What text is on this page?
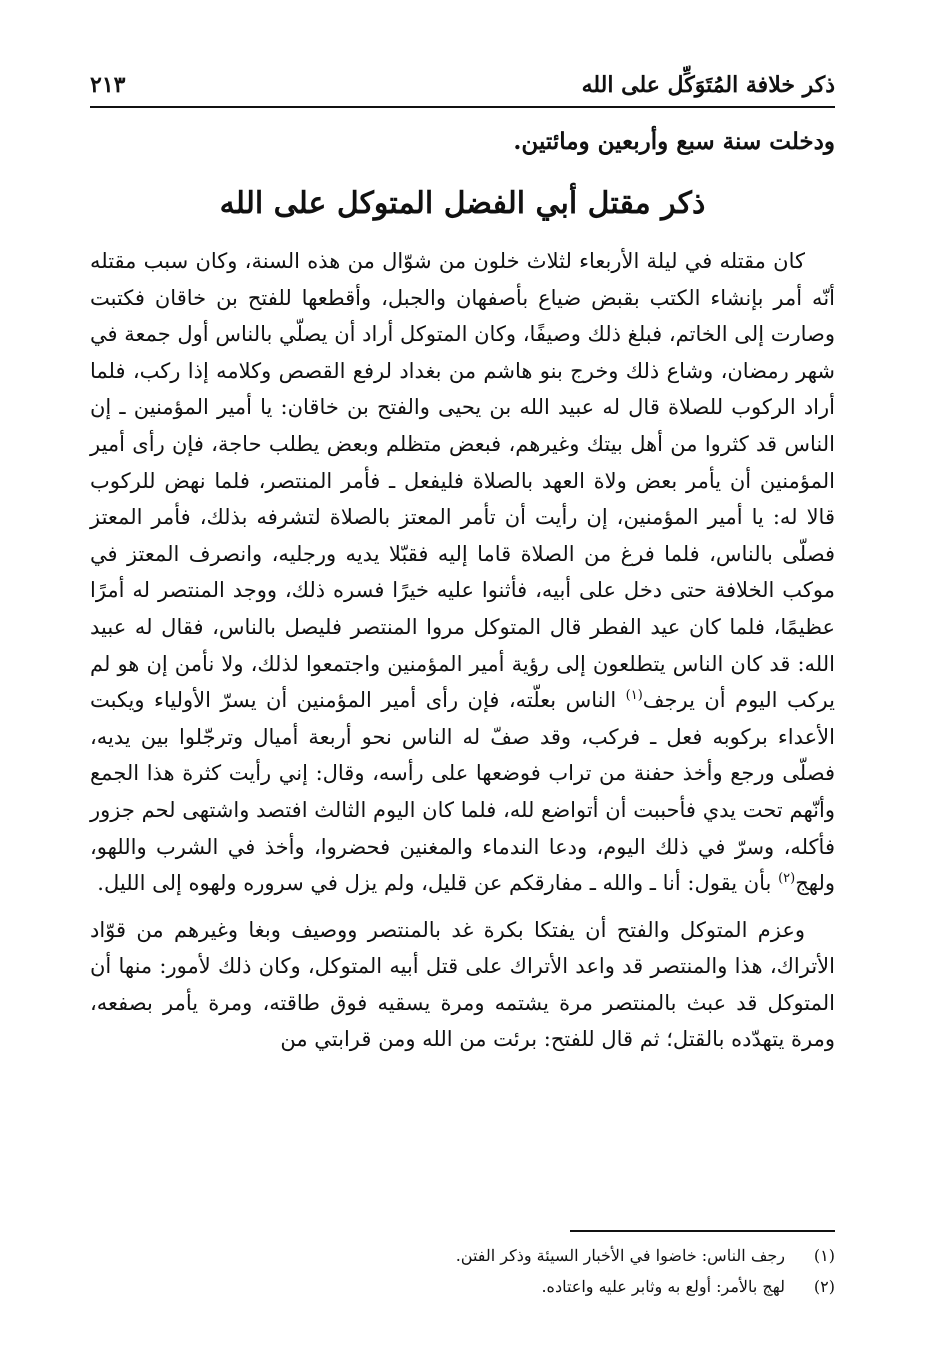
ذكر خلافة المُتَوَكِّل على الله
٢١٣
ودخلت سنة سبع وأربعين ومائتين.
ذكر مقتل أبي الفضل المتوكل على الله

كان مقتله في ليلة الأربعاء لثلاث خلون من شوّال من هذه السنة، وكان سبب مقتله أنّه أمر بإنشاء الكتب بقبض ضياع بأصفهان والجبل، وأقطعها للفتح بن خاقان فكتبت وصارت إلى الخاتم، فبلغ ذلك وصيفًا، وكان المتوكل أراد أن يصلّي بالناس أول جمعة في شهر رمضان، وشاع ذلك وخرج بنو هاشم من بغداد لرفع القصص وكلامه إذا ركب، فلما أراد الركوب للصلاة قال له عبيد الله بن يحيى والفتح بن خاقان: يا أمير المؤمنين ـ إن الناس قد كثروا من أهل بيتك وغيرهم، فبعض متظلم وبعض يطلب حاجة، فإن رأى أمير المؤمنين أن يأمر بعض ولاة العهد بالصلاة فليفعل ـ فأمر المنتصر، فلما نهض للركوب قالا له: يا أمير المؤمنين، إن رأيت أن تأمر المعتز بالصلاة لتشرفه بذلك، فأمر المعتز فصلّى بالناس، فلما فرغ من الصلاة قاما إليه فقبّلا يديه ورجليه، وانصرف المعتز في موكب الخلافة حتى دخل على أبيه، فأثنوا عليه خيرًا فسره ذلك، ووجد المنتصر له أمرًا عظيمًا، فلما كان عيد الفطر قال المتوكل مروا المنتصر فليصل بالناس، فقال له عبيد الله: قد كان الناس يتطلعون إلى رؤية أمير المؤمنين واجتمعوا لذلك، ولا نأمن إن هو لم يركب اليوم أن يرجف$^{(١)}$ الناس بعلّته، فإن رأى أمير المؤمنين أن يسرّ الأولياء ويكبت الأعداء بركوبه فعل ـ فركب، وقد صفّ له الناس نحو أربعة أميال وترجّلوا بين يديه، فصلّى ورجع وأخذ حفنة من تراب فوضعها على رأسه، وقال: إني رأيت كثرة هذا الجمع وأنّهم تحت يدي فأحببت أن أتواضع لله، فلما كان اليوم الثالث افتصد واشتهى لحم جزور فأكله، وسرّ في ذلك اليوم، ودعا الندماء والمغنين فحضروا، وأخذ في الشرب واللهو، ولهج$^{(٢)}$ بأن يقول: أنا ـ والله ـ مفارقكم عن قليل، ولم يزل في سروره ولهوه إلى الليل.

وعزم المتوكل والفتح أن يفتكا بكرة غد بالمنتصر ووصيف وبغا وغيرهم من قوّاد الأتراك، هذا والمنتصر قد واعد الأتراك على قتل أبيه المتوكل، وكان ذلك لأمور: منها أن المتوكل قد عبث بالمنتصر مرة يشتمه ومرة يسقيه فوق طاقته، ومرة يأمر بصفعه، ومرة يتهدّده بالقتل؛ ثم قال للفتح: برئت من الله ومن قرابتي من

(١)
رجف الناس: خاضوا في الأخبار السيئة وذكر الفتن.
(٢)
لهج بالأمر: أولع به وثابر عليه واعتاده.
